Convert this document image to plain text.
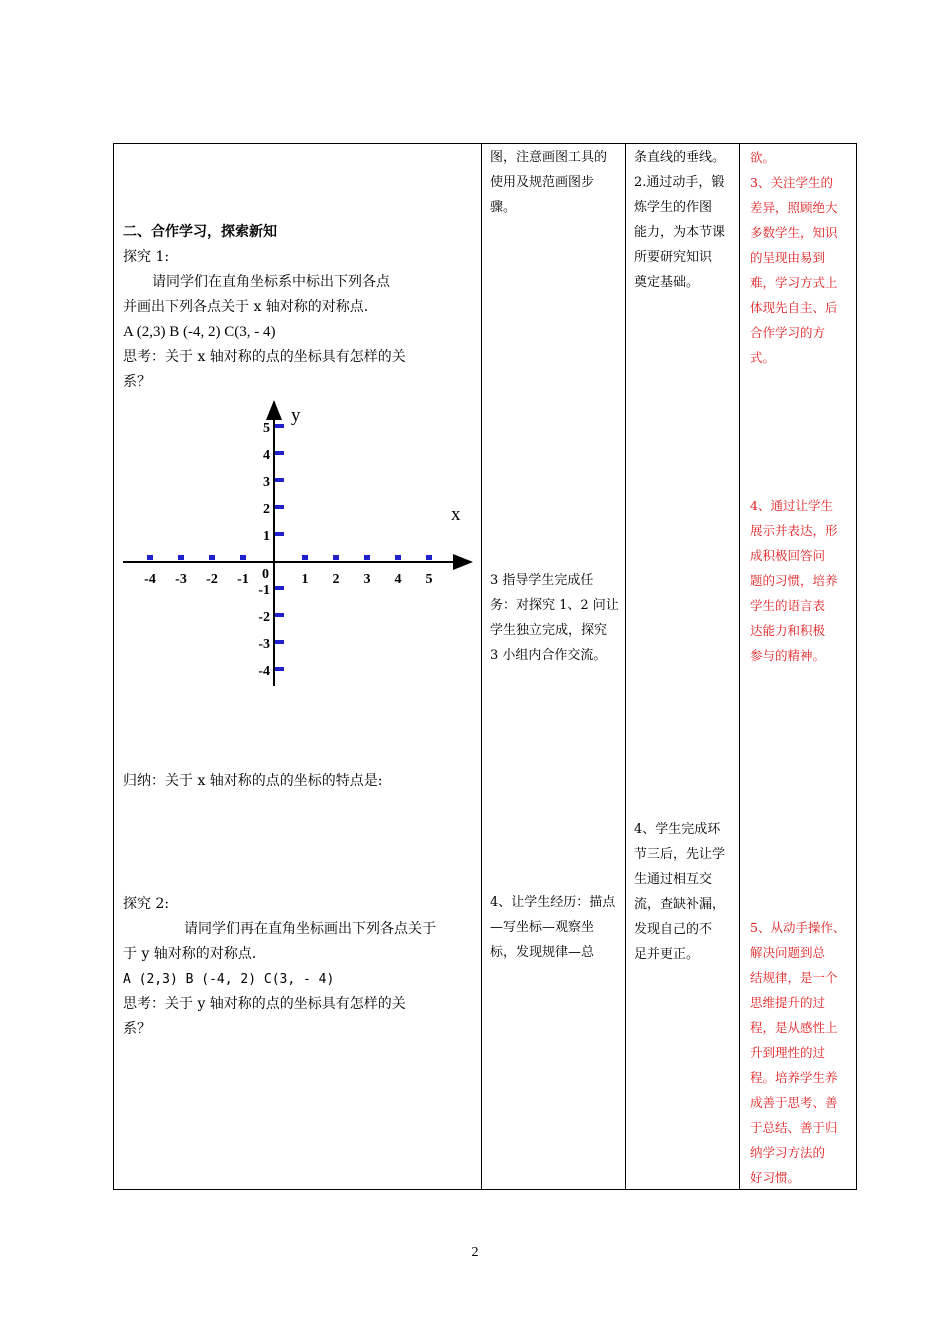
二、合作学习，探索新知

探究 1:

请同学们在直角坐标系中标出下列各点

并画出下列各点关于 x 轴对称的对称点.

A (2,3) B (-4, 2) C(3, - 4)

思考：关于 x 轴对称的点的坐标具有怎样的关

系？

-4 -3 -2 -1	1 2 3 4 5
5
4
3
2
1
-1
-2
-3
-4
y
x
0

归纳：关于 x 轴对称的点的坐标的特点是:

探究 2:

请同学们再在直角坐标画出下列各点关于

于 y 轴对称的对称点.

A (2,3) B (-4, 2) C(3, - 4)

思考：关于 y 轴对称的点的坐标具有怎样的关

系？

图，注意画图工具的

使用及规范画图步

骤。

3 指导学生完成任

务：对探究 1、2 问让

学生独立完成，探究

3 小组内合作交流。

4、让学生经历：描点

—写坐标—观察坐

标，发现规律—总

条直线的垂线。

2.通过动手，锻

炼学生的作图

能力，为本节课

所要研究知识

奠定基础。

4、学生完成环

节三后，先让学

生通过相互交

流，查缺补漏，

发现自己的不

足并更正。

欲。

3、关注学生的

差异，照顾绝大

多数学生，知识

的呈现由易到

难，学习方式上

体现先自主、后

合作学习的方

式。

4、通过让学生

展示并表达，形

成积极回答问

题的习惯，培养

学生的语言表

达能力和积极

参与的精神。

5、从动手操作、

解决问题到总

结规律，是一个

思维提升的过

程，是从感性上

升到理性的过

程。培养学生养

成善于思考、善

于总结、善于归

纳学习方法的

好习惯。

2
